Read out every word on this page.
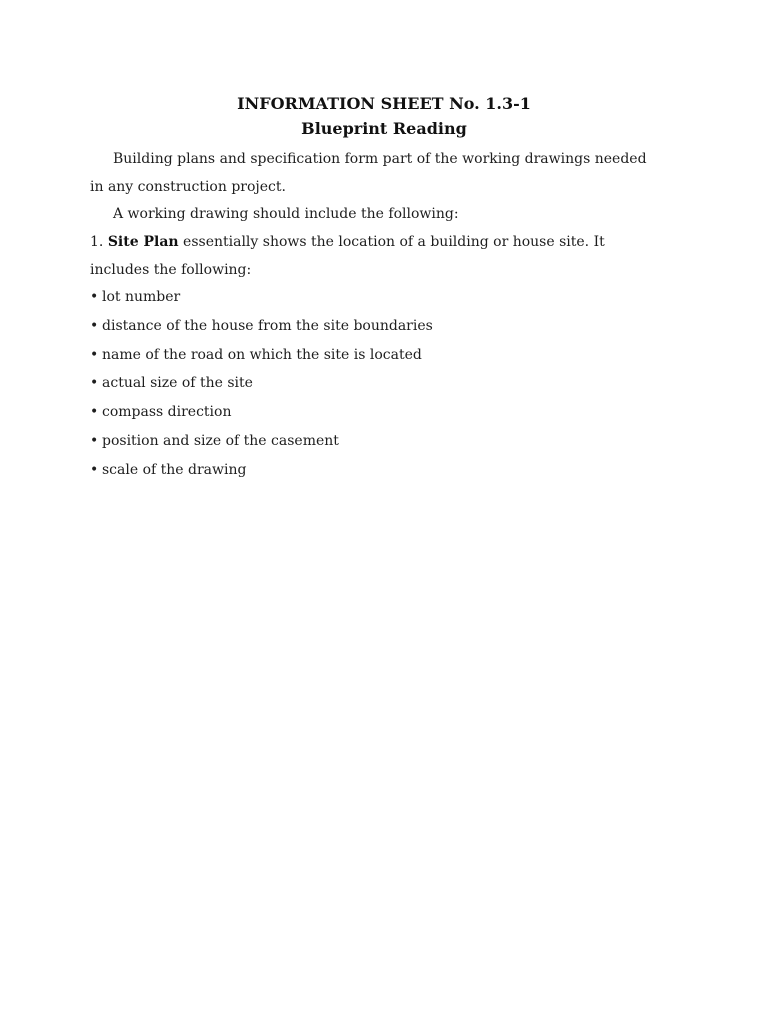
INFORMATION SHEET No. 1.3-1
Blueprint Reading
Building plans and specification form part of the working drawings needed
in any construction project.
A working drawing should include the following:
1. Site Plan essentially shows the location of a building or house site. It
includes the following:
• lot number
• distance of the house from the site boundaries
• name of the road on which the site is located
• actual size of the site
• compass direction
• position and size of the casement
• scale of the drawing
